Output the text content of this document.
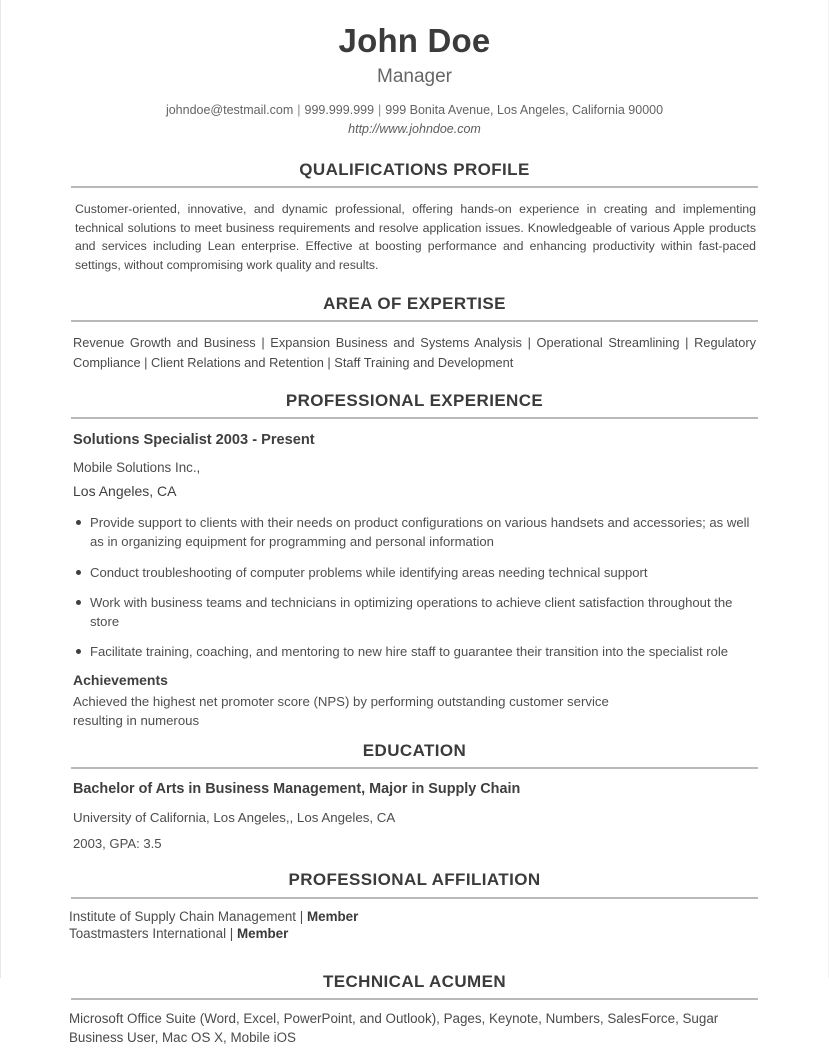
John Doe
Manager
johndoe@testmail.com | 999.999.999 | 999 Bonita Avenue, Los Angeles, California 90000
http://www.johndoe.com
QUALIFICATIONS PROFILE

Customer-oriented, innovative, and dynamic professional, offering hands-on experience in creating and implementing technical solutions to meet business requirements and resolve application issues. Knowledgeable of various Apple products and services including Lean enterprise. Effective at boosting performance and enhancing productivity within fast-paced settings, without compromising work quality and results.

AREA OF EXPERTISE

Revenue Growth and Business | Expansion Business and Systems Analysis | Operational Streamlining | Regulatory Compliance | Client Relations and Retention | Staff Training and Development

PROFESSIONAL EXPERIENCE
Solutions Specialist 2003 - Present
Mobile Solutions Inc.,
Los Angeles, CA
Provide support to clients with their needs on product configurations on various handsets and accessories; as well as in organizing equipment for programming and personal information
Conduct troubleshooting of computer problems while identifying areas needing technical support
Work with business teams and technicians in optimizing operations to achieve client satisfaction throughout the store
Facilitate training, coaching, and mentoring to new hire staff to guarantee their transition into the specialist role
Achievements
Achieved the highest net promoter score (NPS) by performing outstanding customer service resulting in numerous
EDUCATION
Bachelor of Arts in Business Management, Major in Supply Chain
University of California, Los Angeles,, Los Angeles, CA
2003, GPA: 3.5
PROFESSIONAL AFFILIATION
Institute of Supply Chain Management | Member
Toastmasters International | Member
TECHNICAL ACUMEN
Microsoft Office Suite (Word, Excel, PowerPoint, and Outlook), Pages, Keynote, Numbers, SalesForce, Sugar Business User, Mac OS X, Mobile iOS
